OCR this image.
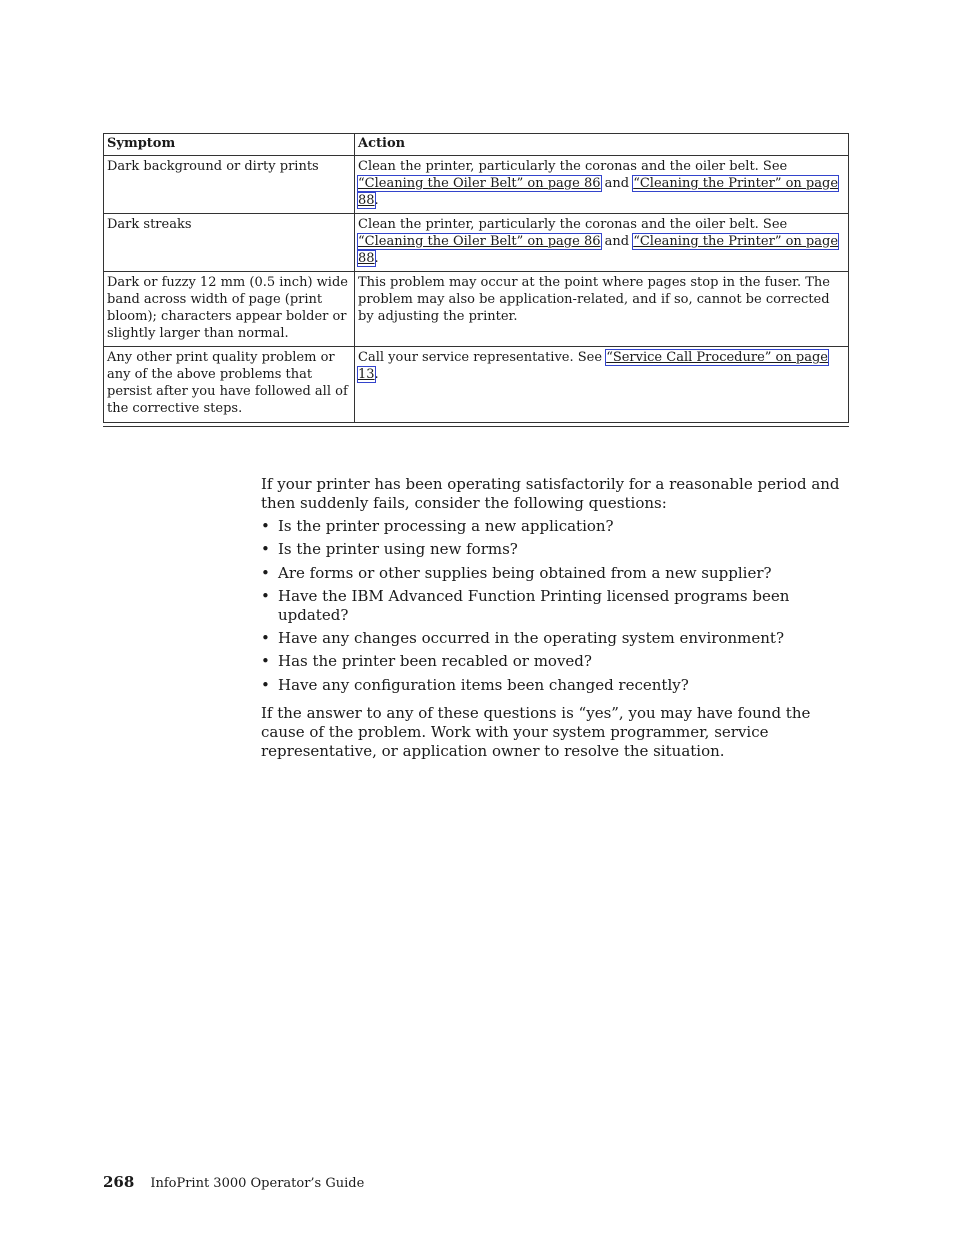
Symptom	Action
Dark background or dirty prints	Clean the printer, particularly the coronas and the oiler belt. See “Cleaning the Oiler Belt” on page 86 and “Cleaning the Printer” on page 88.
Dark streaks	Clean the printer, particularly the coronas and the oiler belt. See “Cleaning the Oiler Belt” on page 86 and “Cleaning the Printer” on page 88.
Dark or fuzzy 12 mm (0.5 inch) wide band across width of page (print bloom); characters appear bolder or slightly larger than normal.	This problem may occur at the point where pages stop in the fuser. The problem may also be application-related, and if so, cannot be corrected by adjusting the printer.
Any other print quality problem or any of the above problems that persist after you have followed all of the corrective steps.	Call your service representative. See “Service Call Procedure” on page 13.

If your printer has been operating satisfactorily for a reasonable period and then suddenly fails, consider the following questions:

• Is the printer processing a new application?
• Is the printer using new forms?
• Are forms or other supplies being obtained from a new supplier?
• Have the IBM Advanced Function Printing licensed programs been updated?
• Have any changes occurred in the operating system environment?
• Has the printer been recabled or moved?
• Have any configuration items been changed recently?

If the answer to any of these questions is “yes”, you may have found the cause of the problem. Work with your system programmer, service representative, or application owner to resolve the situation.

268 InfoPrint 3000 Operator’s Guide
